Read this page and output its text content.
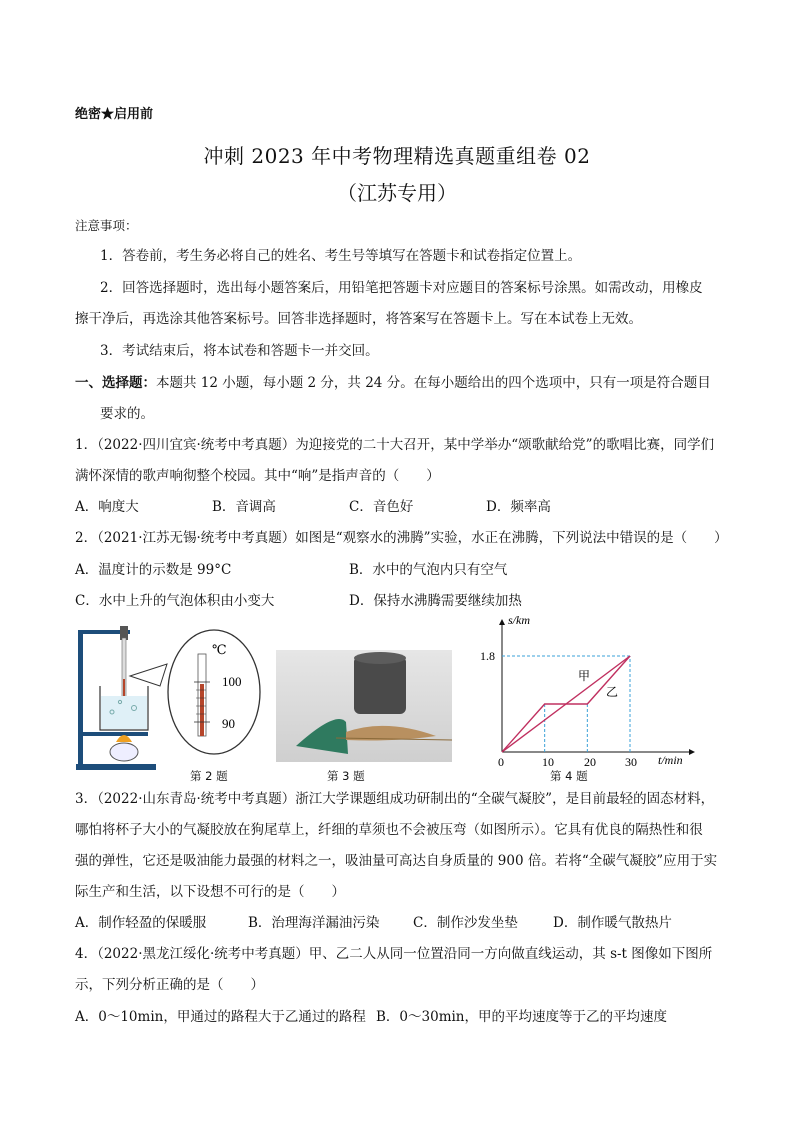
绝密★启用前
冲刺 2023 年中考物理精选真题重组卷 02
（江苏专用）
注意事项：
1．答卷前，考生务必将自己的姓名、考生号等填写在答题卡和试卷指定位置上。
2．回答选择题时，选出每小题答案后，用铅笔把答题卡对应题目的答案标号涂黑。如需改动，用橡皮
擦干净后，再选涂其他答案标号。回答非选择题时，将答案写在答题卡上。写在本试卷上无效。
3．考试结束后，将本试卷和答题卡一并交回。
一、选择题：本题共 12 小题，每小题 2 分，共 24 分。在每小题给出的四个选项中，只有一项是符合题目
要求的。
1．（2022·四川宜宾·统考中考真题）为迎接党的二十大召开，某中学举办“颂歌献给党”的歌唱比赛，同学们
满怀深情的歌声响彻整个校园。其中“响”是指声音的（　　）
A．响度大	B．音调高	C．音色好	D．频率高
2．（2021·江苏无锡·统考中考真题）如图是“观察水的沸腾”实验，水正在沸腾，下列说法中错误的是（　　）
A．温度计的示数是 99°C	B．水中的气泡内只有空气
C．水中上升的气泡体积由小变大	D．保持水沸腾需要继续加热
℃
100
90
s/km
t/min
1.8
0	10	20 30
甲
乙
第 2 题	第 3 题	第 4 题
3．（2022·山东青岛·统考中考真题）浙江大学课题组成功研制出的“全碳气凝胶”，是目前最轻的固态材料，
哪怕将杯子大小的气凝胶放在狗尾草上，纤细的草须也不会被压弯（如图所示）。它具有优良的隔热性和很
强的弹性，它还是吸油能力最强的材料之一，吸油量可高达自身质量的 900 倍。若将“全碳气凝胶”应用于实
际生产和生活，以下设想不可行的是（　　）
A．制作轻盈的保暖服	B．治理海洋漏油污染 C．制作沙发坐垫	D．制作暖气散热片
4．（2022·黑龙江绥化·统考中考真题）甲、乙二人从同一位置沿同一方向做直线运动，其 s-t 图像如下图所
示，下列分析正确的是（　　）
A．0～10min，甲通过的路程大于乙通过的路程 B．0～30min，甲的平均速度等于乙的平均速度
